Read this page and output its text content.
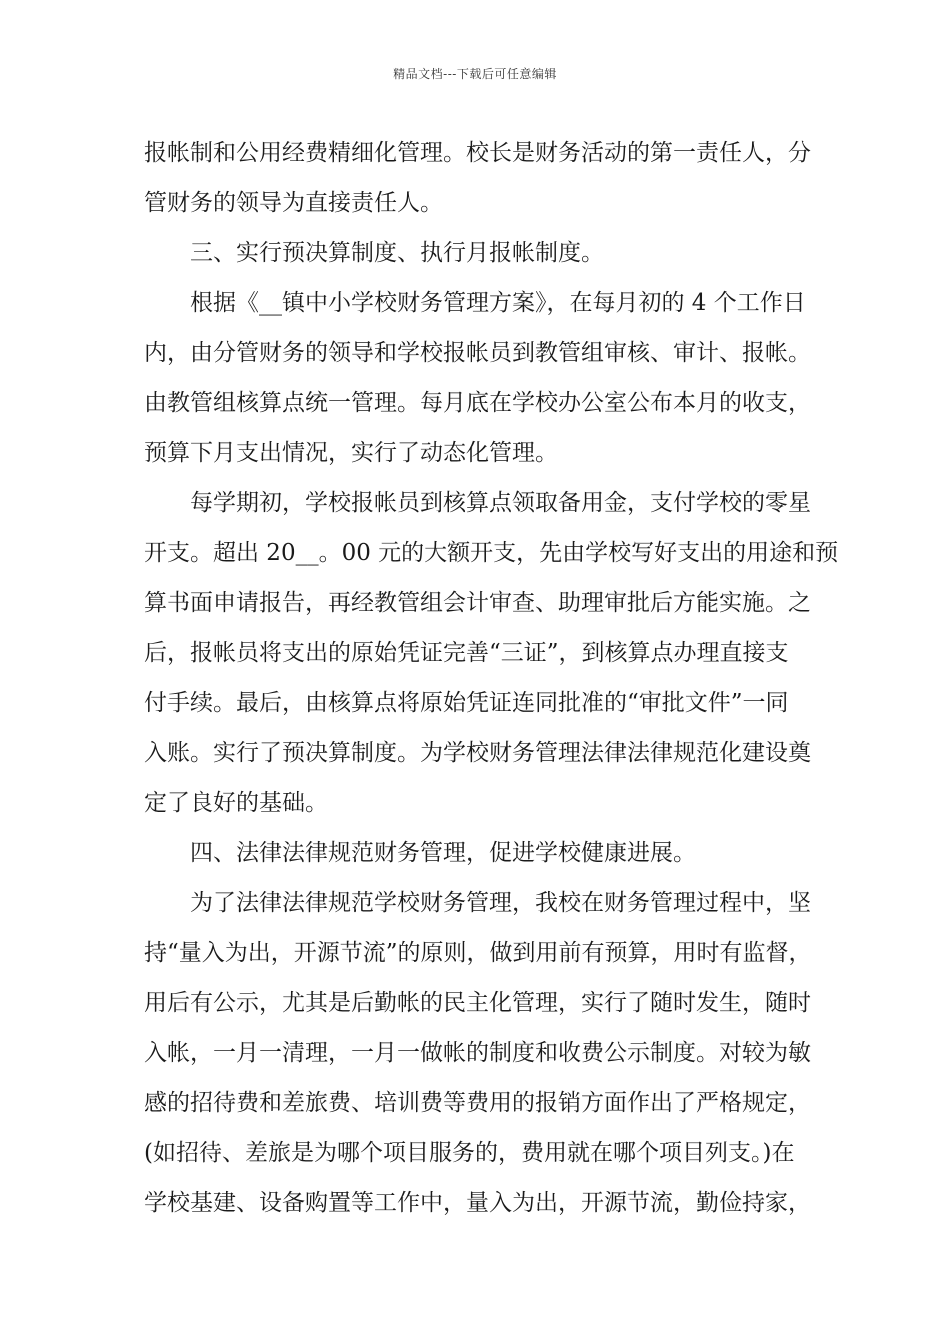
精品文档---下载后可任意编辑
报帐制和公用经费精细化管理。校长是财务活动的第一责任人，分
管财务的领导为直接责任人。
三、实行预决算制度、执行月报帐制度。
根据《__镇中小学校财务管理方案》，在每月初的 4 个工作日
内，由分管财务的领导和学校报帐员到教管组审核、审计、报帐。
由教管组核算点统一管理。每月底在学校办公室公布本月的收支，
预算下月支出情况，实行了动态化管理。
每学期初，学校报帐员到核算点领取备用金，支付学校的零星
开支。超出 20__。00 元的大额开支，先由学校写好支出的用途和预
算书面申请报告，再经教管组会计审查、助理审批后方能实施。之
后，报帐员将支出的原始凭证完善“三证”，到核算点办理直接支
付手续。最后，由核算点将原始凭证连同批准的“审批文件”一同
入账。实行了预决算制度。为学校财务管理法律法律规范化建设奠
定了良好的基础。
四、法律法律规范财务管理，促进学校健康进展。
为了法律法律规范学校财务管理，我校在财务管理过程中，坚
持“量入为出，开源节流”的原则，做到用前有预算，用时有监督，
用后有公示，尤其是后勤帐的民主化管理，实行了随时发生，随时
入帐，一月一清理，一月一做帐的制度和收费公示制度。对较为敏
感的招待费和差旅费、培训费等费用的报销方面作出了严格规定，
(如招待、差旅是为哪个项目服务的，费用就在哪个项目列支。)在
学校基建、设备购置等工作中，量入为出，开源节流，勤俭持家，
